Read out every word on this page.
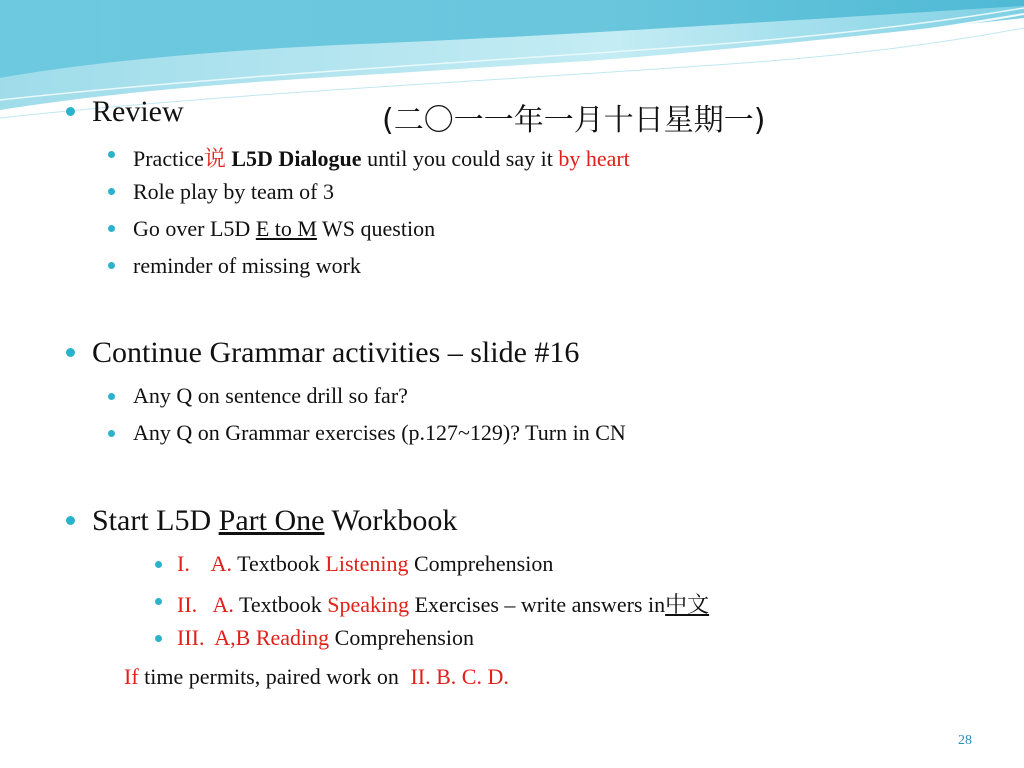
Review	(二〇一一年一月十日星期一)
Practice说 L5D Dialogue until you could say it by heart
Role play by team of 3
Go over L5D E to M WS question
reminder of missing work
Continue Grammar activities – slide #16
Any Q on sentence drill so far?
Any Q on Grammar exercises (p.127~129)? Turn in CN
Start L5D Part One Workbook
I.    A. Textbook Listening Comprehension
II.   A. Textbook Speaking Exercises – write answers in中文
III.  A,B Reading Comprehension
If time permits, paired work on II. B. C. D.
28
